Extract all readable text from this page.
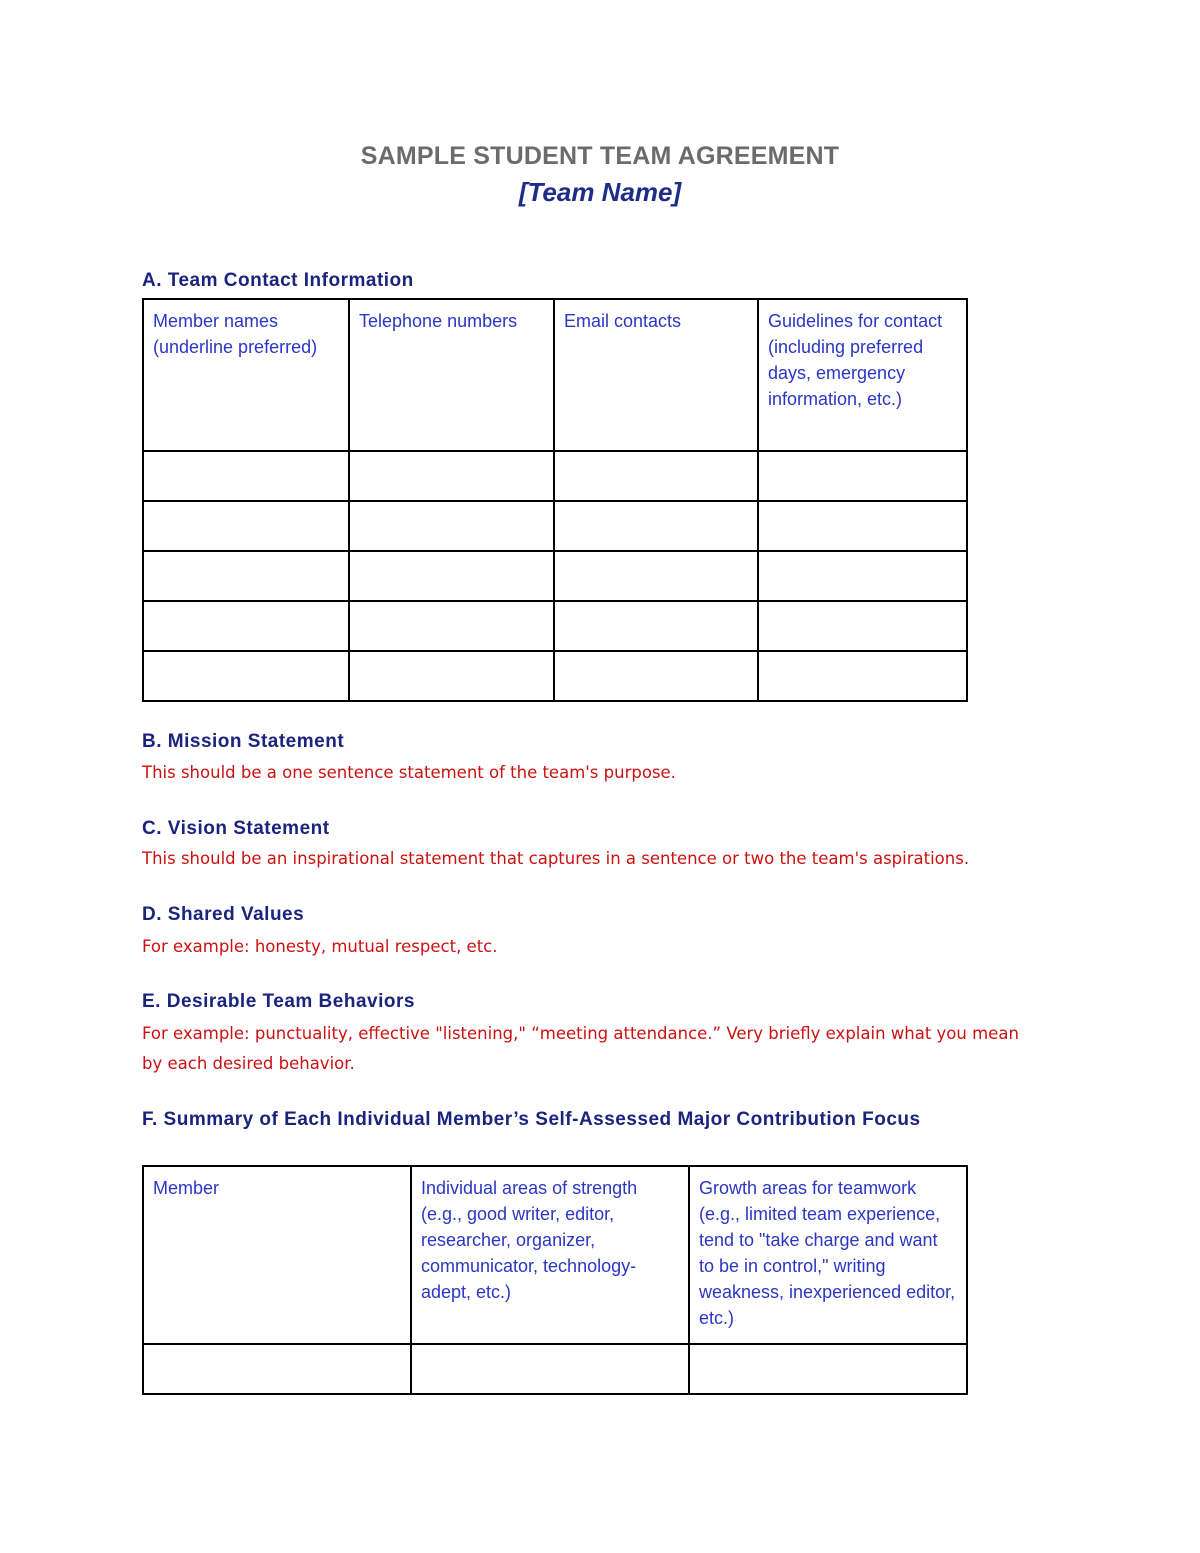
SAMPLE STUDENT TEAM AGREEMENT
[Team Name]
A. Team Contact Information
Member names (underline preferred)	Telephone numbers	Email contacts	Guidelines for contact (including preferred days, emergency information, etc.)

B. Mission Statement
This should be a one sentence statement of the team's purpose.
C. Vision Statement
This should be an inspirational statement that captures in a sentence or two the team's aspirations.
D. Shared Values
For example: honesty, mutual respect, etc.
E. Desirable Team Behaviors
For example: punctuality, effective "listening," “meeting attendance.” Very briefly explain what you mean by each desired behavior.
F. Summary of Each Individual Member’s Self-Assessed Major Contribution Focus
Member	Individual areas of strength (e.g., good writer, editor, researcher, organizer, communicator, technology-adept, etc.)	Growth areas for teamwork (e.g., limited team experience, tend to "take charge and want to be in control," writing weakness, inexperienced editor, etc.)
